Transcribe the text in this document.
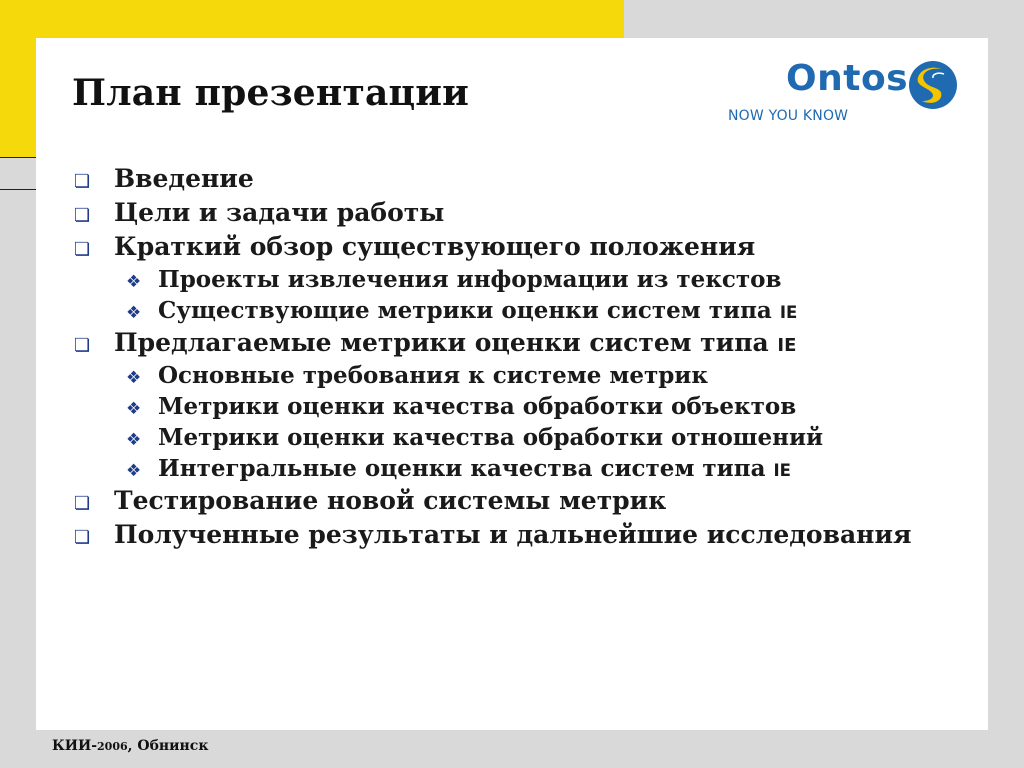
План презентации	Ontos
NOW YOU KNOW
❏ Введение
❏ Цели и задачи работы
❏ Краткий обзор существующего положения
❖ Проекты извлечения информации из текстов
❖ Существующие метрики оценки систем типа IE
❏ Предлагаемые метрики оценки систем типа IE
❖ Основные требования к системе метрик
❖ Метрики оценки качества обработки объектов
❖ Метрики оценки качества обработки отношений
❖ Интегральные оценки качества систем типа IE
❏ Тестирование новой системы метрик
❏ Полученные результаты и дальнейшие исследования
КИИ-2006, Обнинск
